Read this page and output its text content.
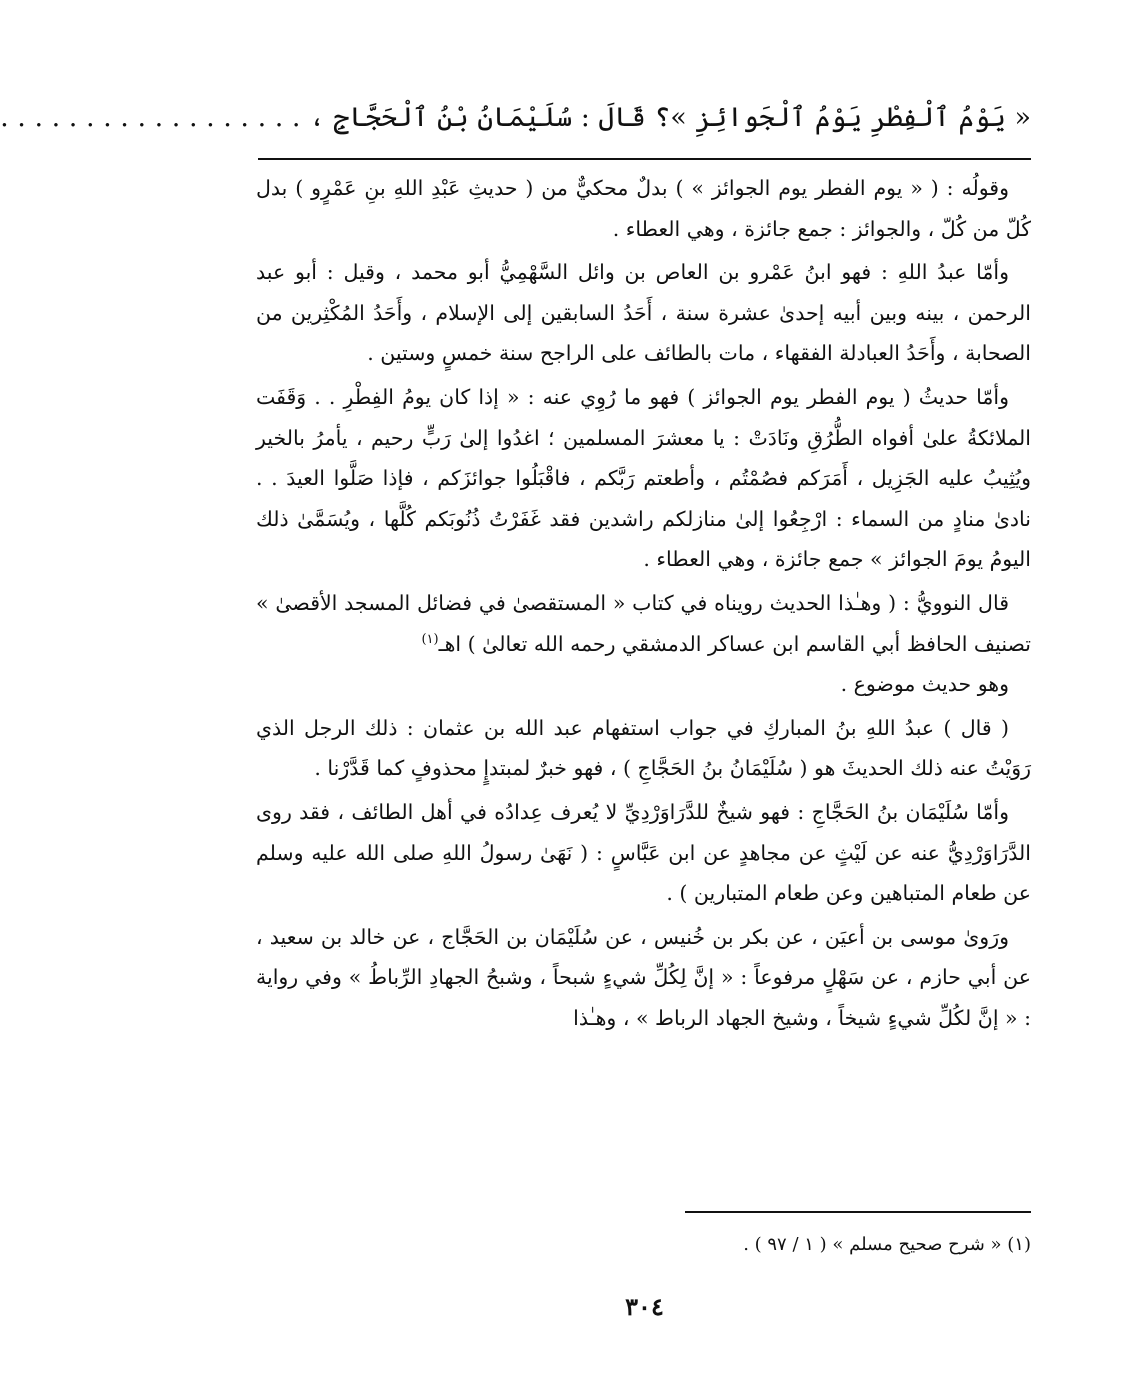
« يَوْمُ ٱلْفِطْرِ يَوْمُ ٱلْجَوائِزِ »؟ قَالَ : سُلَيْمَانُ بْنُ ٱلْحَجَّاجِ ، . . . . . . . . . . . . . . . . . .

وقولُه : ( « يوم الفطر يوم الجوائز » ) بدلٌ محكيٌّ من ( حديثِ عَبْدِ اللهِ بنِ عَمْرٍو ) بدل كُلّ من كُلّ ، والجوائز : جمع جائزة ، وهي العطاء .

وأمّا عبدُ اللهِ : فهو ابنُ عَمْرو بن العاص بن وائل السَّهْمِيُّ أبو محمد ، وقيل : أبو عبد الرحمن ، بينه وبين أبيه إحدىٰ عشرة سنة ، أَحَدُ السابقين إلى الإسلام ، وأَحَدُ المُكْثِرين من الصحابة ، وأَحَدُ العبادلة الفقهاء ، مات بالطائف على الراجح سنة خمسٍ وستين .

وأمّا حديثُ ( يوم الفطر يوم الجوائز ) فهو ما رُوِي عنه : « إذا كان يومُ الفِطْرِ . . وَقَفَت الملائكةُ علىٰ أفواه الطُّرُقِ ونَادَتْ : يا معشرَ المسلمين ؛ اغدُوا إلىٰ رَبٍّ رحيم ، يأمرُ بالخير ويُثِيبُ عليه الجَزِيل ، أَمَرَكم فصُمْتُم ، وأطعتم رَبَّكم ، فاقْبَلُوا جوائزَكم ، فإذا صَلَّوا العيدَ . . نادىٰ منادٍ من السماء : ارْجِعُوا إلىٰ منازلكم راشدين فقد غَفَرْتُ ذُنُوبَكم كُلَّها ، ويُسَمَّىٰ ذلك اليومُ يومَ الجوائز » جمع جائزة ، وهي العطاء .

قال النوويُّ : ( وهـٰذا الحديث رويناه في كتاب « المستقصىٰ في فضائل المسجد الأقصىٰ » تصنيف الحافظ أبي القاسم ابن عساكر الدمشقي رحمه الله تعالىٰ ) اهـ$^{(١)}$

وهو حديث موضوع .

( قال ) عبدُ اللهِ بنُ المباركِ في جواب استفهام عبد الله بن عثمان : ذلك الرجل الذي رَوَيْتُ عنه ذلك الحديثَ هو ( سُلَيْمَانُ بنُ الحَجَّاجِ ) ، فهو خبرٌ لمبتدإٍ محذوفٍ كما قَدَّرْنا .

وأمّا سُلَيْمَان بنُ الحَجَّاجِ : فهو شيخٌ للدَّرَاوَرْدِيِّ لا يُعرف عِدادُه في أهل الطائف ، فقد روى الدَّرَاوَرْدِيُّ عنه عن لَيْثٍ عن مجاهدٍ عن ابن عَبَّاسٍ : ( نَهَىٰ رسولُ اللهِ صلى الله عليه وسلم عن طعام المتباهين وعن طعام المتبارين ) .

ورَوىٰ موسى بن أعيَن ، عن بكر بن خُنيس ، عن سُلَيْمَان بن الحَجَّاج ، عن خالد بن سعيد ، عن أبي حازم ، عن سَهْلٍ مرفوعاً : « إنَّ لِكُلِّ شيءٍ شبحاً ، وشبحُ الجهادِ الرِّباطُ » وفي رواية : « إنَّ لكُلِّ شيءٍ شيخاً ، وشيخ الجهاد الرباط » ، وهـٰذا

(١) « شرح صحيح مسلم » ( ١ / ٩٧ ) .
٣٠٤
